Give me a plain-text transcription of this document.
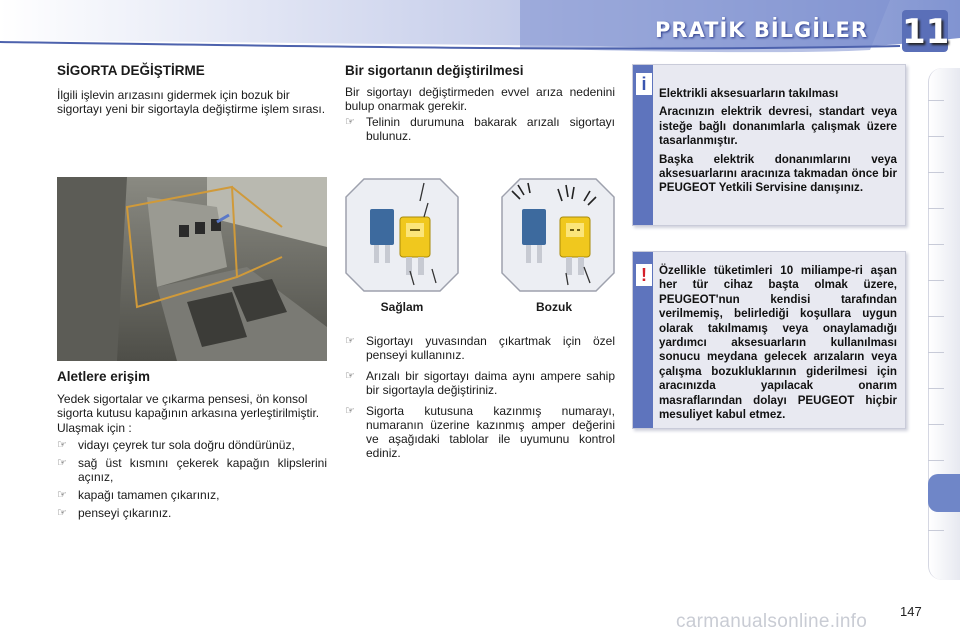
PRATİK BİLGİLER 11

SİGORTA DEĞİŞTİRME

İlgili işlevin arızasını gidermek için bozuk bir sigortayı yeni bir sigortayla değiştirme işlem sırası.

Aletlere erişim

Yedek sigortalar ve çıkarma pensesi, ön konsol sigorta kutusu kapağının arkasına yerleştirilmiştir.

Ulaşmak için :

☞ vidayı çeyrek tur sola doğru döndürünüz,
☞ sağ üst kısmını çekerek kapağın klipslerini açınız,
☞ kapağı tamamen çıkarınız,
☞ penseyi çıkarınız.

Bir sigortanın değiştirilmesi

Bir sigortayı değiştirmeden evvel arıza nedenini bulup onarmak gerekir.

☞ Telinin durumuna bakarak arızalı sigortayı bulunuz.
Sağlam	Bozuk
☞ Sigortayı yuvasından çıkartmak için özel penseyi kullanınız.
☞ Arızalı bir sigortayı daima aynı ampere sahip bir sigortayla değiştiriniz.
☞ Sigorta kutusuna kazınmış numarayı, numaranın üzerine kazınmış amper değerini ve aşağıdaki tablolar ile uyumunu kontrol ediniz.
i	Elektrikli aksesuarların takılması
Aracınızın elektrik devresi, standart veya isteğe bağlı donanımlarla çalışmak üzere tasarlanmıştır.
Başka elektrik donanımlarını veya aksesuarlarını aracınıza takmadan önce bir PEUGEOT Yetkili Servisine danışınız.
!	Özellikle tüketimleri 10 miliampe-ri aşan her tür cihaz başta olmak üzere, PEUGEOT'nun kendisi tarafından verilmemiş, belirlediği koşullara uygun olarak takılmamış veya onaylamadığı yardımcı aksesuarların kullanılması sonucu meydana gelecek arızaların veya çalışma bozukluklarının giderilmesi için aracınızda yapılacak onarım masraflarından dolayı PEUGEOT hiçbir mesuliyet kabul etmez.
147
carmanualsonline.info
